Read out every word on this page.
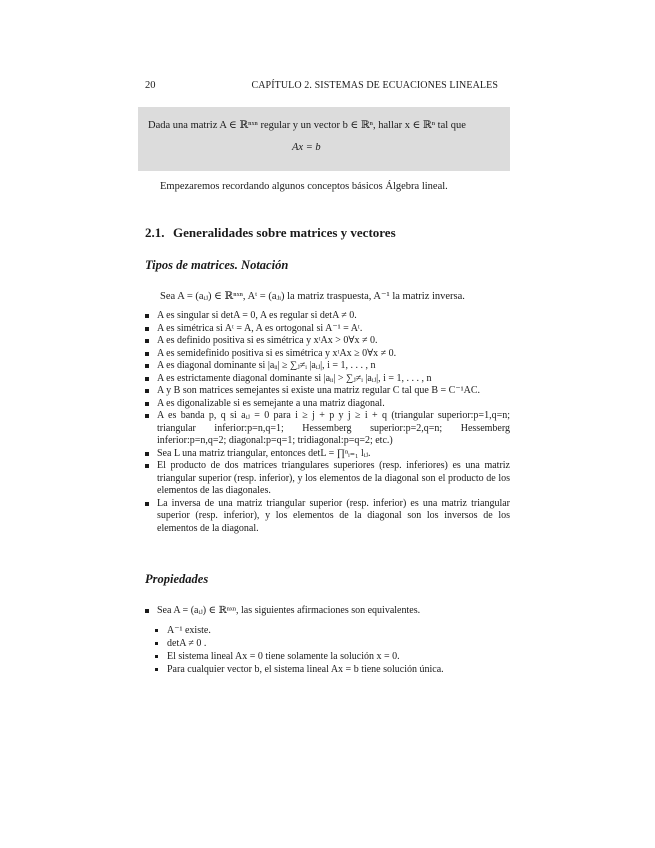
20	CAPÍTULO 2. SISTEMAS DE ECUACIONES LINEALES
Dada una matriz A ∈ ℝⁿˣⁿ regular y un vector b ∈ ℝⁿ, hallar x ∈ ℝⁿ tal que
Ax = b
Empezaremos recordando algunos conceptos básicos Álgebra lineal.
2.1. Generalidades sobre matrices y vectores
Tipos de matrices. Notación
Sea A = (aᵢⱼ) ∈ ℝⁿˣⁿ, Aᵗ = (aⱼᵢ) la matriz traspuesta, A⁻¹ la matriz inversa.
A es singular si detA = 0, A es regular si detA ≠ 0.
A es simétrica si Aᵗ = A, A es ortogonal si A⁻¹ = Aᵗ.
A es definido positiva si es simétrica y xᵗAx > 0∀x ≠ 0.
A es semidefinido positiva si es simétrica y xᵗAx ≥ 0∀x ≠ 0.
A es diagonal dominante si |aᵢᵢ| ≥ ∑ⱼ≠ᵢ |aᵢⱼ|, i = 1, . . . , n
A es estrictamente diagonal dominante si |aᵢᵢ| > ∑ⱼ≠ᵢ |aᵢⱼ|, i = 1, . . . , n
A y B son matrices semejantes si existe una matriz regular C tal que B = C⁻¹AC.
A es digonalizable si es semejante a una matriz diagonal.
A es banda p, q si aᵢⱼ = 0 para i ≥ j + p y j ≥ i + q (triangular superior:p=1,q=n; triangular inferior:p=n,q=1; Hessemberg superior:p=2,q=n; Hessemberg inferior:p=n,q=2; diagonal:p=q=1; tridiagonal:p=q=2; etc.)
Sea L una matriz triangular, entonces detL = ∏ⁿᵢ₌₁ lᵢⱼ.
El producto de dos matrices triangulares superiores (resp. inferiores) es una matriz triangular superior (resp. inferior), y los elementos de la diagonal son el producto de los elementos de las diagonales.
La inversa de una matriz triangular superior (resp. inferior) es una matriz triangular superior (resp. inferior), y los elementos de la diagonal son los inversos de los elementos de la diagonal.
Propiedades
Sea A = (aᵢⱼ) ∈ ℝⁿˣⁿ, las siguientes afirmaciones son equivalentes.
A⁻¹ existe.
detA ≠ 0 .
El sistema lineal Ax = 0 tiene solamente la solución x = 0.
Para cualquier vector b, el sistema lineal Ax = b tiene solución única.
